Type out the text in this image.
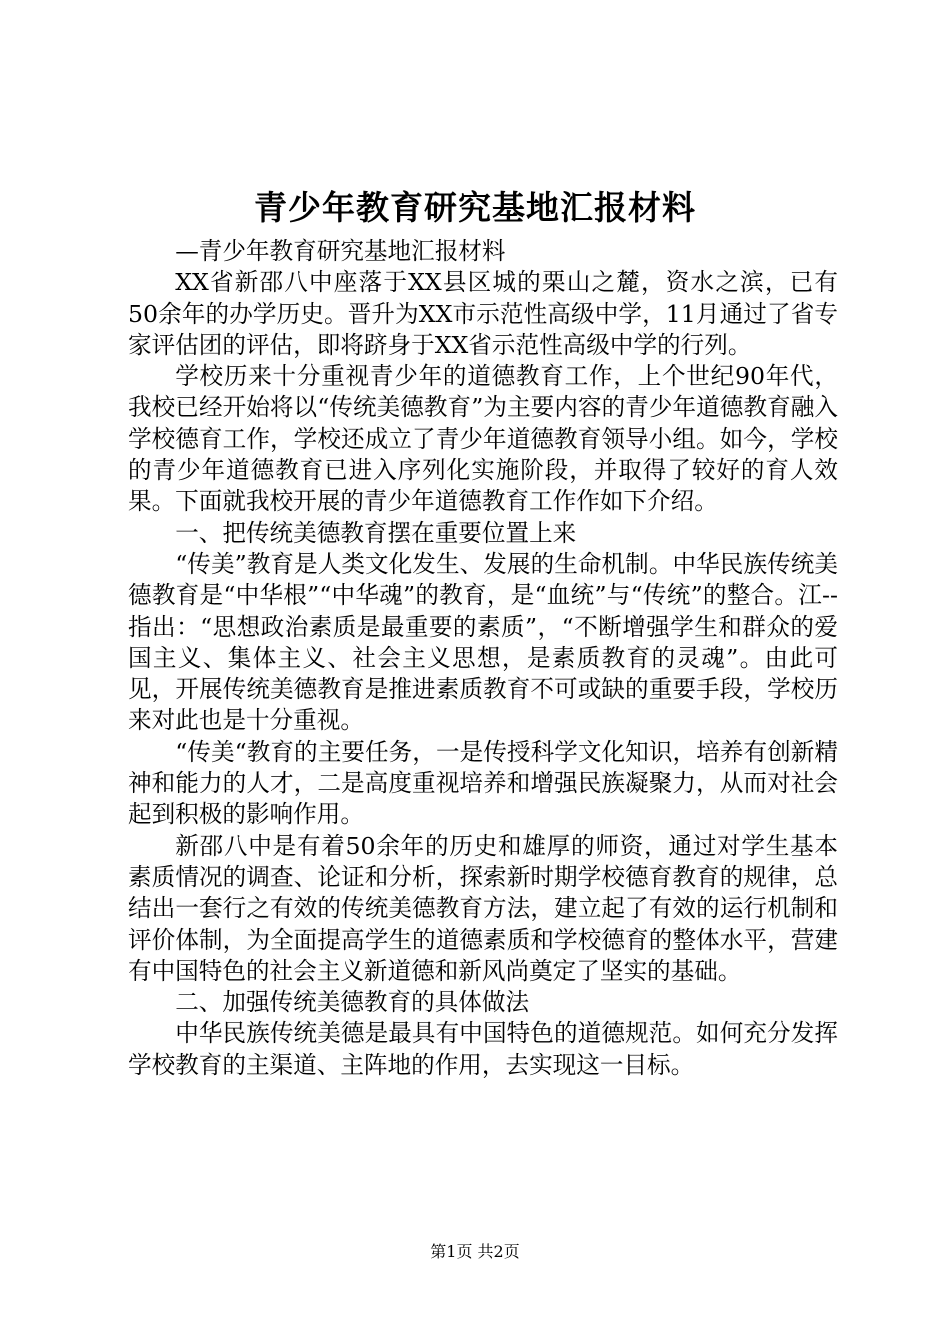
青少年教育研究基地汇报材料

—青少年教育研究基地汇报材料

XX省新邵八中座落于XX县区城的栗山之麓，资水之滨，已有50余年的办学历史。晋升为XX市示范性高级中学，11月通过了省专家评估团的评估，即将跻身于XX省示范性高级中学的行列。

学校历来十分重视青少年的道德教育工作，上个世纪90年代，我校已经开始将以“传统美德教育”为主要内容的青少年道德教育融入学校德育工作，学校还成立了青少年道德教育领导小组。如今，学校的青少年道德教育已进入序列化实施阶段，并取得了较好的育人效果。下面就我校开展的青少年道德教育工作作如下介绍。

一、把传统美德教育摆在重要位置上来

“传美”教育是人类文化发生、发展的生命机制。中华民族传统美德教育是“中华根”“中华魂”的教育，是“血统”与“传统”的整合。江--指出：“思想政治素质是最重要的素质”，“不断增强学生和群众的爱国主义、集体主义、社会主义思想，是素质教育的灵魂”。由此可见，开展传统美德教育是推进素质教育不可或缺的重要手段，学校历来对此也是十分重视。

“传美“教育的主要任务，一是传授科学文化知识，培养有创新精神和能力的人才，二是高度重视培养和增强民族凝聚力，从而对社会起到积极的影响作用。

新邵八中是有着50余年的历史和雄厚的师资，通过对学生基本素质情况的调查、论证和分析，探索新时期学校德育教育的规律，总结出一套行之有效的传统美德教育方法，建立起了有效的运行机制和评价体制，为全面提高学生的道德素质和学校德育的整体水平，营建有中国特色的社会主义新道德和新风尚奠定了坚实的基础。

二、加强传统美德教育的具体做法

中华民族传统美德是最具有中国特色的道德规范。如何充分发挥学校教育的主渠道、主阵地的作用，去实现这一目标。

第1页 共2页
